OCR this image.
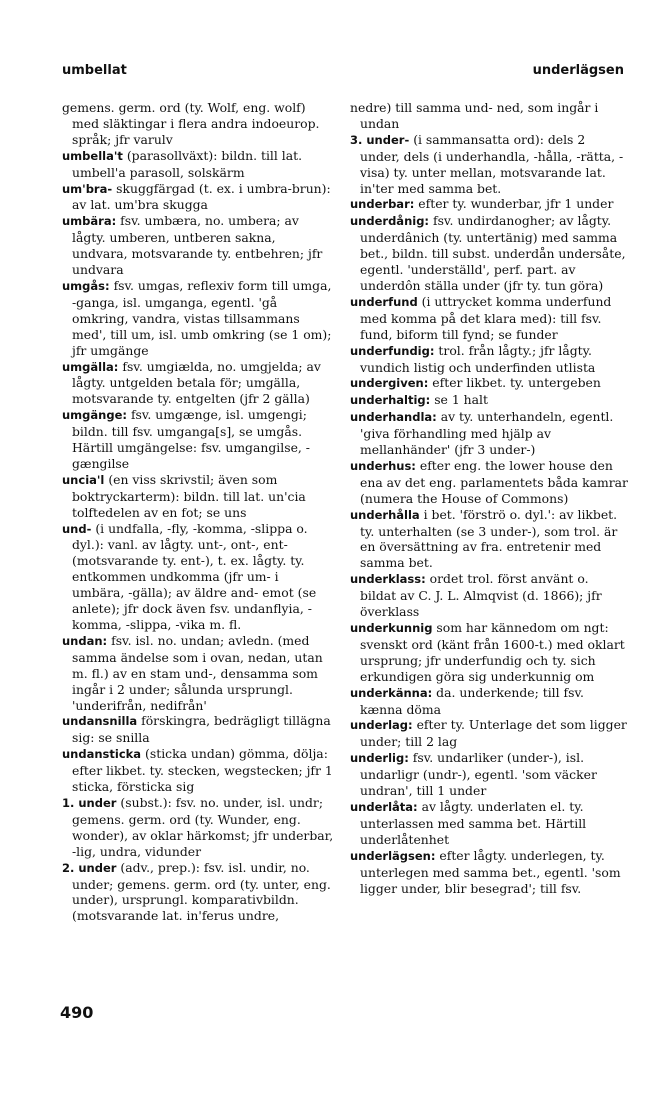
umbellat	underlägsen

gemens. germ. ord (ty. Wolf, eng. wolf) med släktingar i flera andra indoeurop. språk; jfr varulv

umbella't (parasollväxt): bildn. till lat. umbell'a parasoll, solskärm

um'bra- skuggfärgad (t. ex. i umbra-brun): av lat. um'bra skugga

umbära: fsv. umbæra, no. umbera; av lågty. umberen, untberen sakna, undvara, motsvarande ty. entbehren; jfr undvara

umgås: fsv. umgas, reflexiv form till umga, -ganga, isl. umganga, egentl. 'gå omkring, vandra, vistas tillsammans med', till um, isl. umb omkring (se 1 om); jfr umgänge

umgälla: fsv. umgiælda, no. umgjelda; av lågty. untgelden betala för; umgälla, motsvarande ty. entgelten (jfr 2 gälla)

umgänge: fsv. umgænge, isl. umgengi; bildn. till fsv. umganga[s], se umgås. Härtill umgängelse: fsv. umgangilse, -gængilse

uncia'l (en viss skrivstil; även som boktryckarterm): bildn. till lat. un'cia tolftedelen av en fot; se uns

und- (i undfalla, -fly, -komma, -slippa o. dyl.): vanl. av lågty. unt-, ont-, ent- (motsvarande ty. ent-), t. ex. lågty. ty. entkommen undkomma (jfr um- i umbära, -gälla); av äldre and- emot (se anlete); jfr dock även fsv. undanflyia, -komma, -slippa, -vika m. fl.

undan: fsv. isl. no. undan; avledn. (med samma ändelse som i ovan, nedan, utan m. fl.) av en stam und-, densamma som ingår i 2 under; sålunda ursprungl. 'underifrån, nedifrån'

undansnilla förskingra, bedrägligt tillägna sig: se snilla

undansticka (sticka undan) gömma, dölja: efter likbet. ty. stecken, wegstecken; jfr 1 sticka, försticka sig

1. under (subst.): fsv. no. under, isl. undr; gemens. germ. ord (ty. Wunder, eng. wonder), av oklar härkomst; jfr underbar, -lig, undra, vidunder

2. under (adv., prep.): fsv. isl. undir, no. under; gemens. germ. ord (ty. unter, eng. under), ursprungl. komparativbildn. (motsvarande lat. in'ferus undre,

nedre) till samma und- ned, som ingår i undan

3. under- (i sammansatta ord): dels 2 under, dels (i underhandla, -hålla, -rätta, -visa) ty. unter mellan, motsvarande lat. in'ter med samma bet.

underbar: efter ty. wunderbar, jfr 1 under

underdånig: fsv. undirdanogher; av lågty. underdânich (ty. untertänig) med samma bet., bildn. till subst. underdån undersåte, egentl. 'underställd', perf. part. av underdôn ställa under (jfr ty. tun göra)

underfund (i uttrycket komma underfund med komma på det klara med): till fsv. fund, biform till fynd; se funder

underfundig: trol. från lågty.; jfr lågty. vundich listig och underfinden utlista

undergiven: efter likbet. ty. untergeben

underhaltig: se 1 halt

underhandla: av ty. unterhandeln, egentl. 'giva förhandling med hjälp av mellanhänder' (jfr 3 under-)

underhus: efter eng. the lower house den ena av det eng. parlamentets båda kamrar (numera the House of Commons)

underhålla i bet. 'förströ o. dyl.': av likbet. ty. unterhalten (se 3 under-), som trol. är en översättning av fra. entretenir med samma bet.

underklass: ordet trol. först använt o. bildat av C. J. L. Almqvist (d. 1866); jfr överklass

underkunnig som har kännedom om ngt: svenskt ord (känt från 1600-t.) med oklart ursprung; jfr underfundig och ty. sich erkundigen göra sig underkunnig om

underkänna: da. underkende; till fsv. kænna döma

underlag: efter ty. Unterlage det som ligger under; till 2 lag

underlig: fsv. undarliker (under-), isl. undarligr (undr-), egentl. 'som väcker undran', till 1 under

underlåta: av lågty. underlaten el. ty. unterlassen med samma bet. Härtill underlåtenhet

underlägsen: efter lågty. underlegen, ty. unterlegen med samma bet., egentl. 'som ligger under, blir besegrad'; till fsv.

490
